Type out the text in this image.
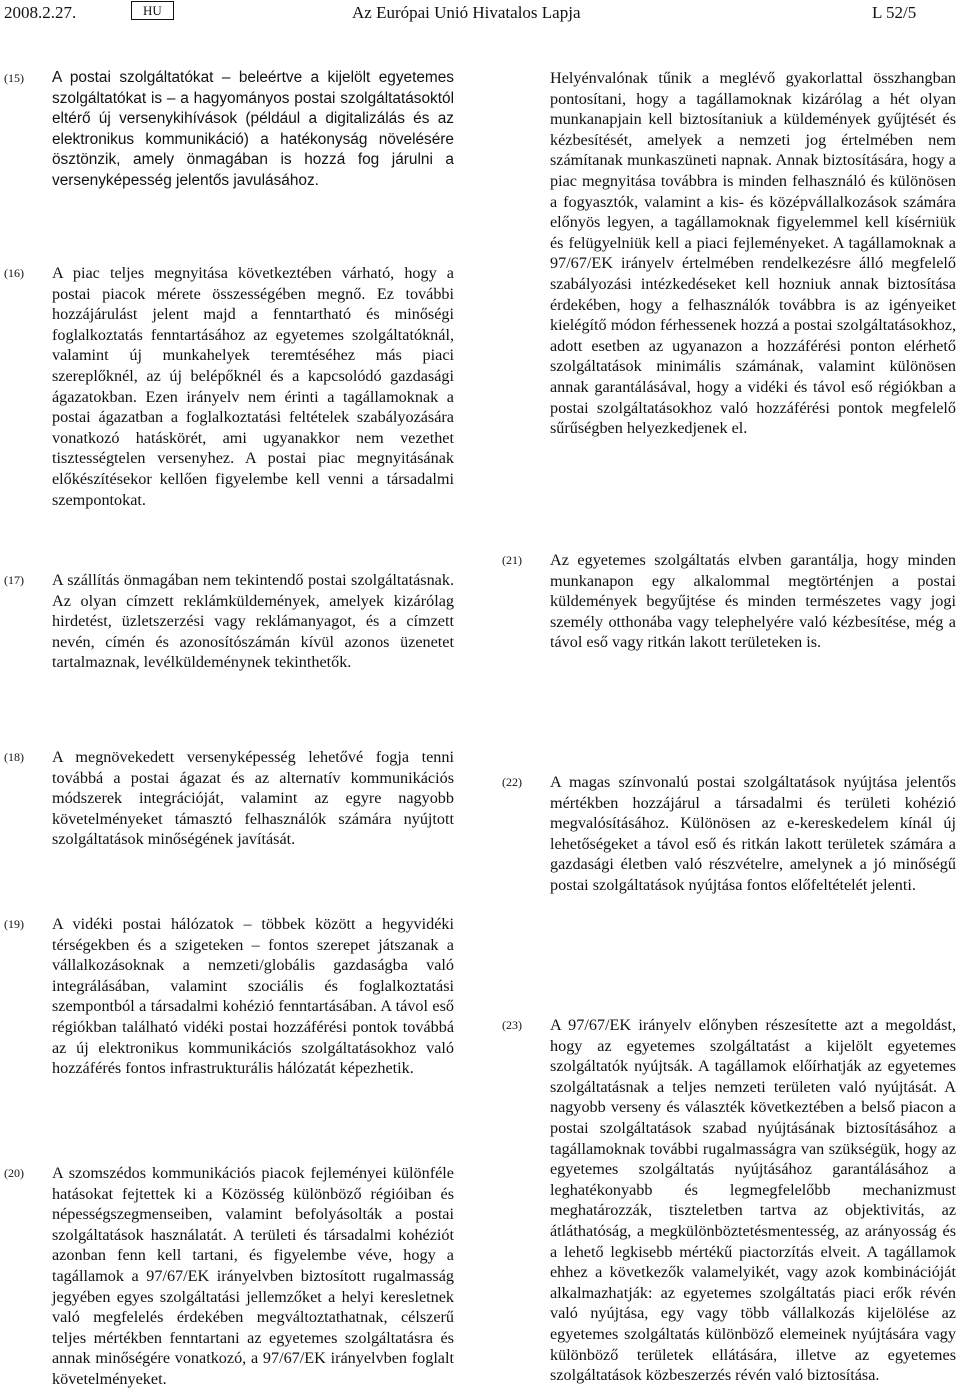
2008.2.27.	HU	Az Európai Unió Hivatalos Lapja	L 52/5
(15) A postai szolgáltatókat – beleértve a kijelölt egyetemes szolgáltatókat is – a hagyományos postai szolgáltatásoktól eltérő új versenykihívások (például a digitalizálás és az elektronikus kommunikáció) a hatékonyság növelésére ösztönzik, amely önmagában is hozzá fog járulni a versenyképesség jelentős javulásához.
(16) A piac teljes megnyitása következtében várható, hogy a postai piacok mérete összességében megnő. Ez további hozzájárulást jelent majd a fenntartható és minőségi foglalkoztatás fenntartásához az egyetemes szolgáltatóknál, valamint új munkahelyek teremtéséhez más piaci szereplőknél, az új belépőknél és a kapcsolódó gazdasági ágazatokban. Ezen irányelv nem érinti a tagállamoknak a postai ágazatban a foglalkoztatási feltételek szabályozására vonatkozó hatáskörét, ami ugyanakkor nem vezethet tisztességtelen versenyhez. A postai piac megnyitásának előkészítésekor kellően figyelembe kell venni a társadalmi szempontokat.
(17) A szállítás önmagában nem tekintendő postai szolgáltatásnak. Az olyan címzett reklámküldemények, amelyek kizárólag hirdetést, üzletszerzési vagy reklámanyagot, és a címzett nevén, címén és azonosítószámán kívül azonos üzenetet tartalmaznak, levélküldeménynek tekinthetők.
(18) A megnövekedett versenyképesség lehetővé fogja tenni továbbá a postai ágazat és az alternatív kommunikációs módszerek integrációját, valamint az egyre nagyobb követelményeket támasztó felhasználók számára nyújtott szolgáltatások minőségének javítását.
(19) A vidéki postai hálózatok – többek között a hegyvidéki térségekben és a szigeteken – fontos szerepet játszanak a vállalkozásoknak a nemzeti/globális gazdaságba való integrálásában, valamint szociális és foglalkoztatási szempontból a társadalmi kohézió fenntartásában. A távol eső régiókban található vidéki postai hozzáférési pontok továbbá az új elektronikus kommunikációs szolgáltatásokhoz való hozzáférés fontos infrastrukturális hálózatát képezhetik.
(20) A szomszédos kommunikációs piacok fejleményei különféle hatásokat fejtettek ki a Közösség különböző régióiban és népességszegmenseiben, valamint befolyásolták a postai szolgáltatások használatát. A területi és társadalmi kohéziót azonban fenn kell tartani, és figyelembe véve, hogy a tagállamok a 97/67/EK irányelvben biztosított rugalmasság jegyében egyes szolgáltatási jellemzőket a helyi keresletnek való megfelelés érdekében megváltoztathatnak, célszerű teljes mértékben fenntartani az egyetemes szolgáltatásra és annak minőségére vonatkozó, a 97/67/EK irányelvben foglalt követelményeket.
Helyénvalónak tűnik a meglévő gyakorlattal összhangban pontosítani, hogy a tagállamoknak kizárólag a hét olyan munkanapjain kell biztosítaniuk a küldemények gyűjtését és kézbesítését, amelyek a nemzeti jog értelmében nem számítanak munkaszüneti napnak. Annak biztosítására, hogy a piac megnyitása továbbra is minden felhasználó és különösen a fogyasztók, valamint a kis- és középvállalkozások számára előnyös legyen, a tagállamoknak figyelemmel kell kísérniük és felügyelniük kell a piaci fejleményeket. A tagállamoknak a 97/67/EK irányelv értelmében rendelkezésre álló megfelelő szabályozási intézkedéseket kell hozniuk annak biztosítása érdekében, hogy a felhasználók továbbra is az igényeiket kielégítő módon férhessenek hozzá a postai szolgáltatásokhoz, adott esetben az ugyanazon a hozzáférési ponton elérhető szolgáltatások minimális számának, valamint különösen annak garantálásával, hogy a vidéki és távol eső régiókban a postai szolgáltatásokhoz való hozzáférési pontok megfelelő sűrűségben helyezkedjenek el.
(21) Az egyetemes szolgáltatás elvben garantálja, hogy minden munkanapon egy alkalommal megtörténjen a postai küldemények begyűjtése és minden természetes vagy jogi személy otthonába vagy telephelyére való kézbesítése, még a távol eső vagy ritkán lakott területeken is.
(22) A magas színvonalú postai szolgáltatások nyújtása jelentős mértékben hozzájárul a társadalmi és területi kohézió megvalósításához. Különösen az e-kereskedelem kínál új lehetőségeket a távol eső és ritkán lakott területek számára a gazdasági életben való részvételre, amelynek a jó minőségű postai szolgáltatások nyújtása fontos előfeltételét jelenti.
(23) A 97/67/EK irányelv előnyben részesítette azt a megoldást, hogy az egyetemes szolgáltatást a kijelölt egyetemes szolgáltatók nyújtsák. A tagállamok előírhatják az egyetemes szolgáltatásnak a teljes nemzeti területen való nyújtását. A nagyobb verseny és választék következtében a belső piacon a postai szolgáltatások szabad nyújtásának biztosításához a tagállamoknak további rugalmasságra van szükségük, hogy az egyetemes szolgáltatás nyújtásához garantálásához a leghatékonyabb és legmegfelelőbb mechanizmust meghatározzák, tiszteletben tartva az objektivitás, az átláthatóság, a megkülönböztetésmentesség, az arányosság és a lehető legkisebb mértékű piactorzítás elveit. A tagállamok ehhez a következők valamelyikét, vagy azok kombinációját alkalmazhatják: az egyetemes szolgáltatás piaci erők révén való nyújtása, egy vagy több vállalkozás kijelölése az egyetemes szolgáltatás különböző elemeinek nyújtására vagy különböző területek ellátására, illetve az egyetemes szolgáltatások közbeszerzés révén való biztosítása.
